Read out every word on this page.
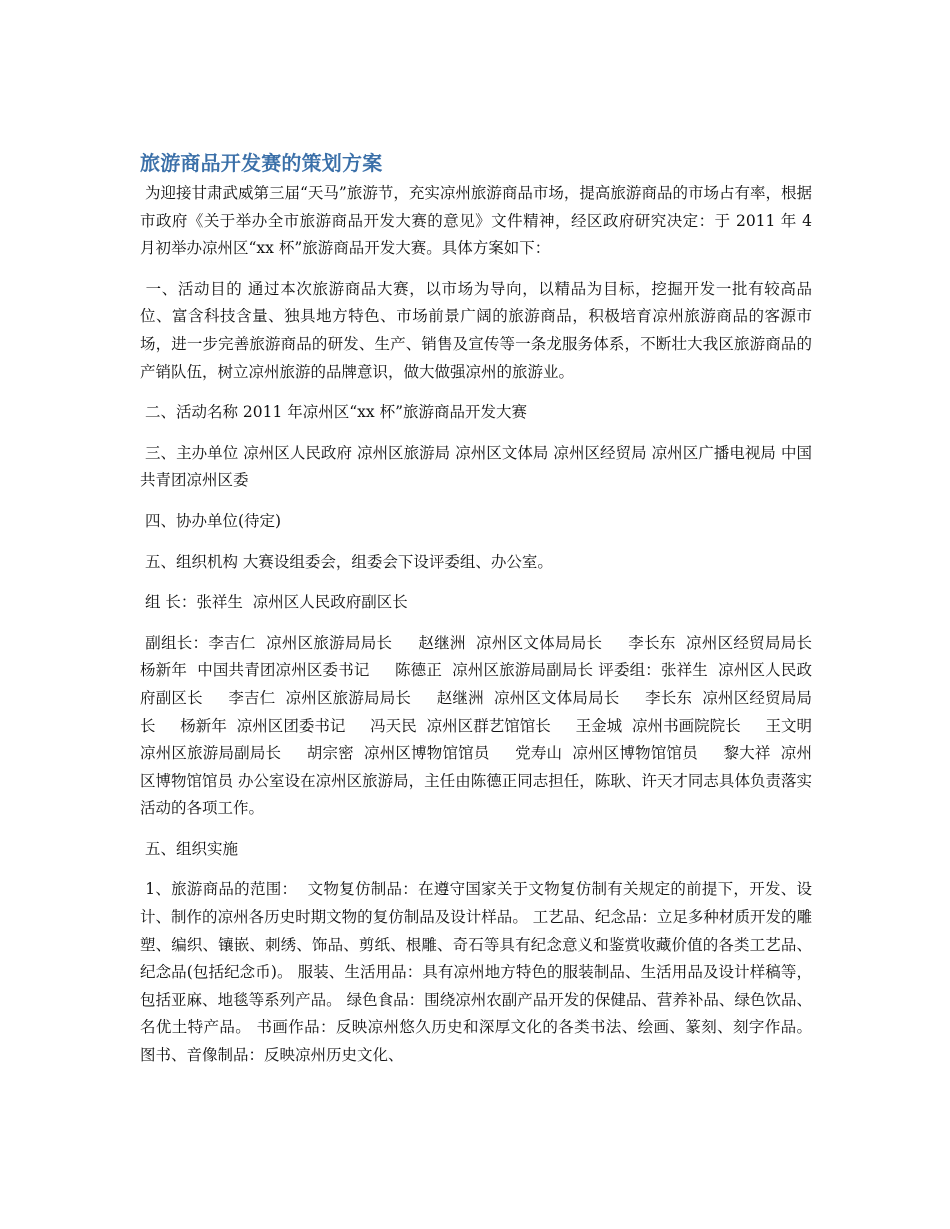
旅游商品开发赛的策划方案

为迎接甘肃武威第三届“天马”旅游节，充实凉州旅游商品市场，提高旅游商品的市场占有率，根据市政府《关于举办全市旅游商品开发大赛的意见》文件精神，经区政府研究决定：于 2011 年 4 月初举办凉州区“xx 杯”旅游商品开发大赛。具体方案如下：

一、活动目的 通过本次旅游商品大赛，以市场为导向，以精品为目标，挖掘开发一批有较高品位、富含科技含量、独具地方特色、市场前景广阔的旅游商品，积极培育凉州旅游商品的客源市场，进一步完善旅游商品的研发、生产、销售及宣传等一条龙服务体系，不断壮大我区旅游商品的产销队伍，树立凉州旅游的品牌意识，做大做强凉州的旅游业。

二、活动名称 2011 年凉州区“xx 杯”旅游商品开发大赛

三、主办单位 凉州区人民政府 凉州区旅游局 凉州区文体局 凉州区经贸局 凉州区广播电视局 中国共青团凉州区委

四、协办单位(待定)

五、组织机构 大赛设组委会，组委会下设评委组、办公室。

组 长：张祥生  凉州区人民政府副区长

副组长：李吉仁  凉州区旅游局局长     赵继洲  凉州区文体局局长     李长东  凉州区经贸局局长     杨新年  中国共青团凉州区委书记     陈德正  凉州区旅游局副局长 评委组：张祥生  凉州区人民政府副区长     李吉仁  凉州区旅游局局长     赵继洲  凉州区文体局局长     李长东  凉州区经贸局局长     杨新年  凉州区团委书记     冯天民  凉州区群艺馆馆长     王金城  凉州书画院院长     王文明  凉州区旅游局副局长     胡宗密  凉州区博物馆馆员     党寿山  凉州区博物馆馆员     黎大祥  凉州区博物馆馆员 办公室设在凉州区旅游局，主任由陈德正同志担任，陈耿、许天才同志具体负责落实活动的各项工作。

五、组织实施

1、旅游商品的范围：  文物复仿制品：在遵守国家关于文物复仿制有关规定的前提下，开发、设计、制作的凉州各历史时期文物的复仿制品及设计样品。 工艺品、纪念品：立足多种材质开发的雕塑、编织、镶嵌、刺绣、饰品、剪纸、根雕、奇石等具有纪念意义和鉴赏收藏价值的各类工艺品、纪念品(包括纪念币)。 服装、生活用品：具有凉州地方特色的服装制品、生活用品及设计样稿等，包括亚麻、地毯等系列产品。 绿色食品：围绕凉州农副产品开发的保健品、营养补品、绿色饮品、名优土特产品。 书画作品：反映凉州悠久历史和深厚文化的各类书法、绘画、篆刻、刻字作品。 图书、音像制品：反映凉州历史文化、
